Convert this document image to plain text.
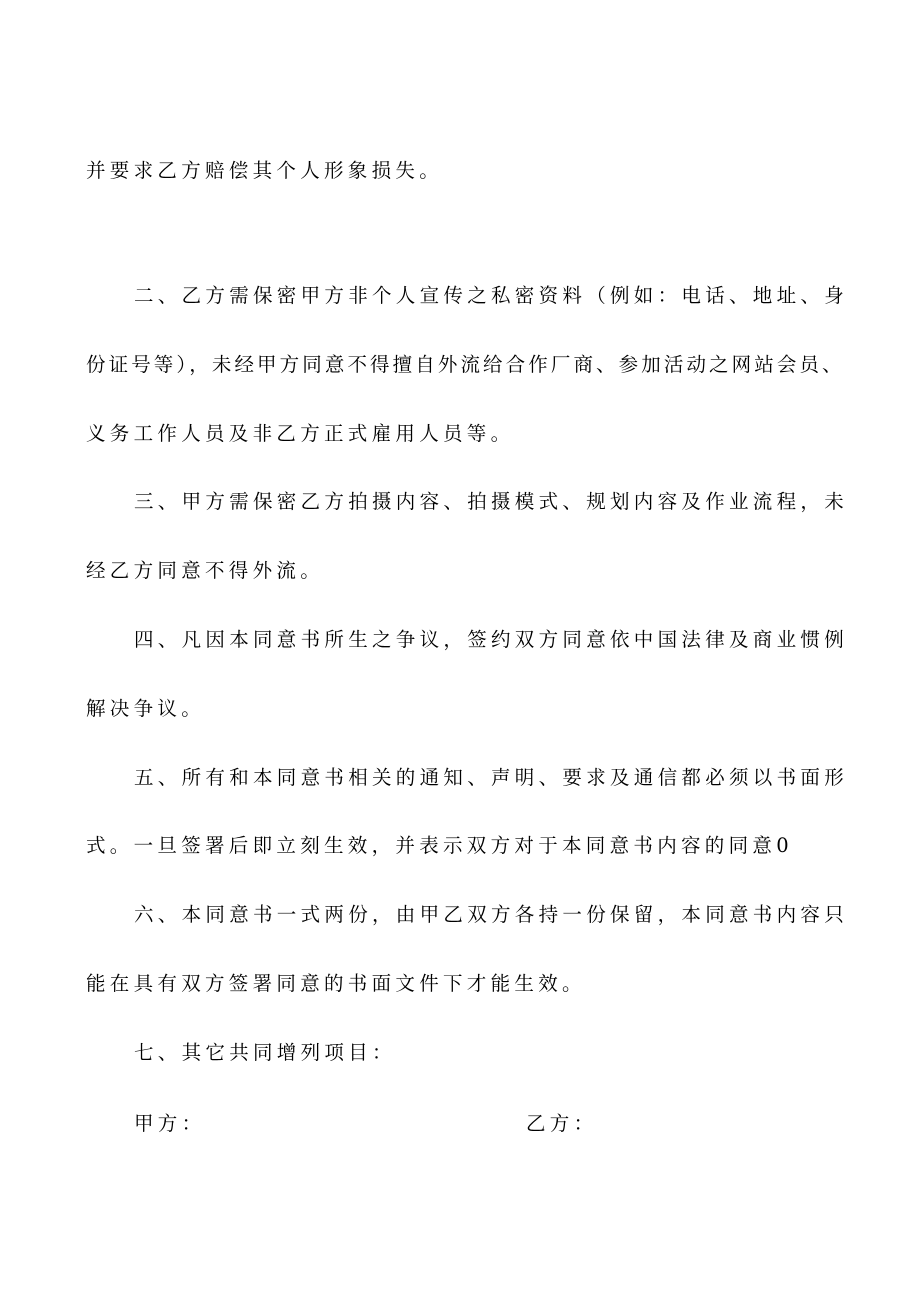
并要求乙方赔偿其个人形象损失。
二、乙方需保密甲方非个人宣传之私密资料（例如：电话、地址、身
份证号等），未经甲方同意不得擅自外流给合作厂商、参加活动之网站会员、
义务工作人员及非乙方正式雇用人员等。
三、甲方需保密乙方拍摄内容、拍摄模式、规划内容及作业流程，未
经乙方同意不得外流。
四、凡因本同意书所生之争议，签约双方同意依中国法律及商业惯例
解决争议。
五、所有和本同意书相关的通知、声明、要求及通信都必须以书面形
式。一旦签署后即立刻生效，并表示双方对于本同意书内容的同意0
六、本同意书一式两份，由甲乙双方各持一份保留，本同意书内容只
能在具有双方签署同意的书面文件下才能生效。
七、其它共同增列项目：
甲方：	乙方：
